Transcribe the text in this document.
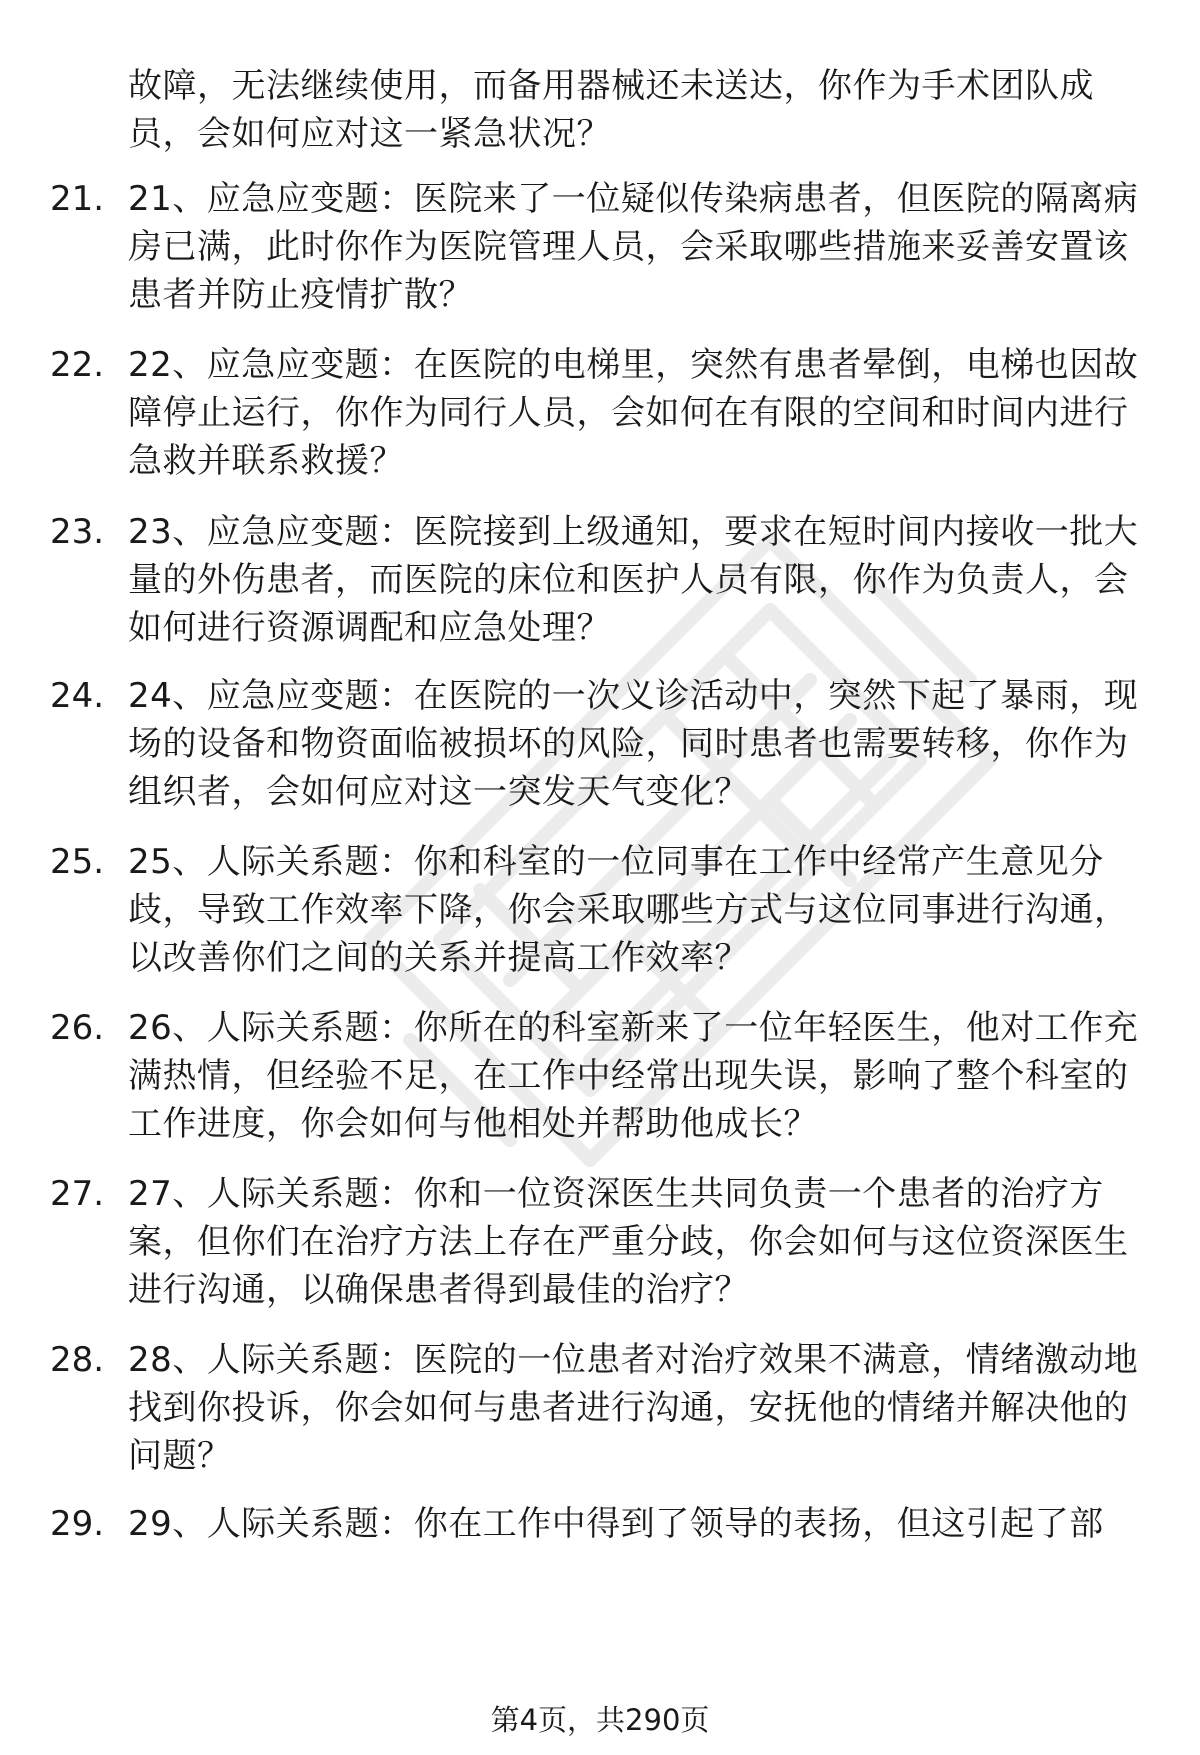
故障，无法继续使用，而备用器械还未送达，你作为手术团队成员，会如何应对这一紧急状况？

21. 21、应急应变题：医院来了一位疑似传染病患者，但医院的隔离病房已满，此时你作为医院管理人员，会采取哪些措施来妥善安置该患者并防止疫情扩散？

22. 22、应急应变题：在医院的电梯里，突然有患者晕倒，电梯也因故障停止运行，你作为同行人员，会如何在有限的空间和时间内进行急救并联系救援？

23. 23、应急应变题：医院接到上级通知，要求在短时间内接收一批大量的外伤患者，而医院的床位和医护人员有限，你作为负责人，会如何进行资源调配和应急处理？

24. 24、应急应变题：在医院的一次义诊活动中，突然下起了暴雨，现场的设备和物资面临被损坏的风险，同时患者也需要转移，你作为组织者，会如何应对这一突发天气变化？

25. 25、人际关系题：你和科室的一位同事在工作中经常产生意见分歧，导致工作效率下降，你会采取哪些方式与这位同事进行沟通，以改善你们之间的关系并提高工作效率？

26. 26、人际关系题：你所在的科室新来了一位年轻医生，他对工作充满热情，但经验不足，在工作中经常出现失误，影响了整个科室的工作进度，你会如何与他相处并帮助他成长？

27. 27、人际关系题：你和一位资深医生共同负责一个患者的治疗方案，但你们在治疗方法上存在严重分歧，你会如何与这位资深医生进行沟通，以确保患者得到最佳的治疗？

28. 28、人际关系题：医院的一位患者对治疗效果不满意，情绪激动地找到你投诉，你会如何与患者进行沟通，安抚他的情绪并解决他的问题？

29. 29、人际关系题：你在工作中得到了领导的表扬，但这引起了部

第4页，共290页
